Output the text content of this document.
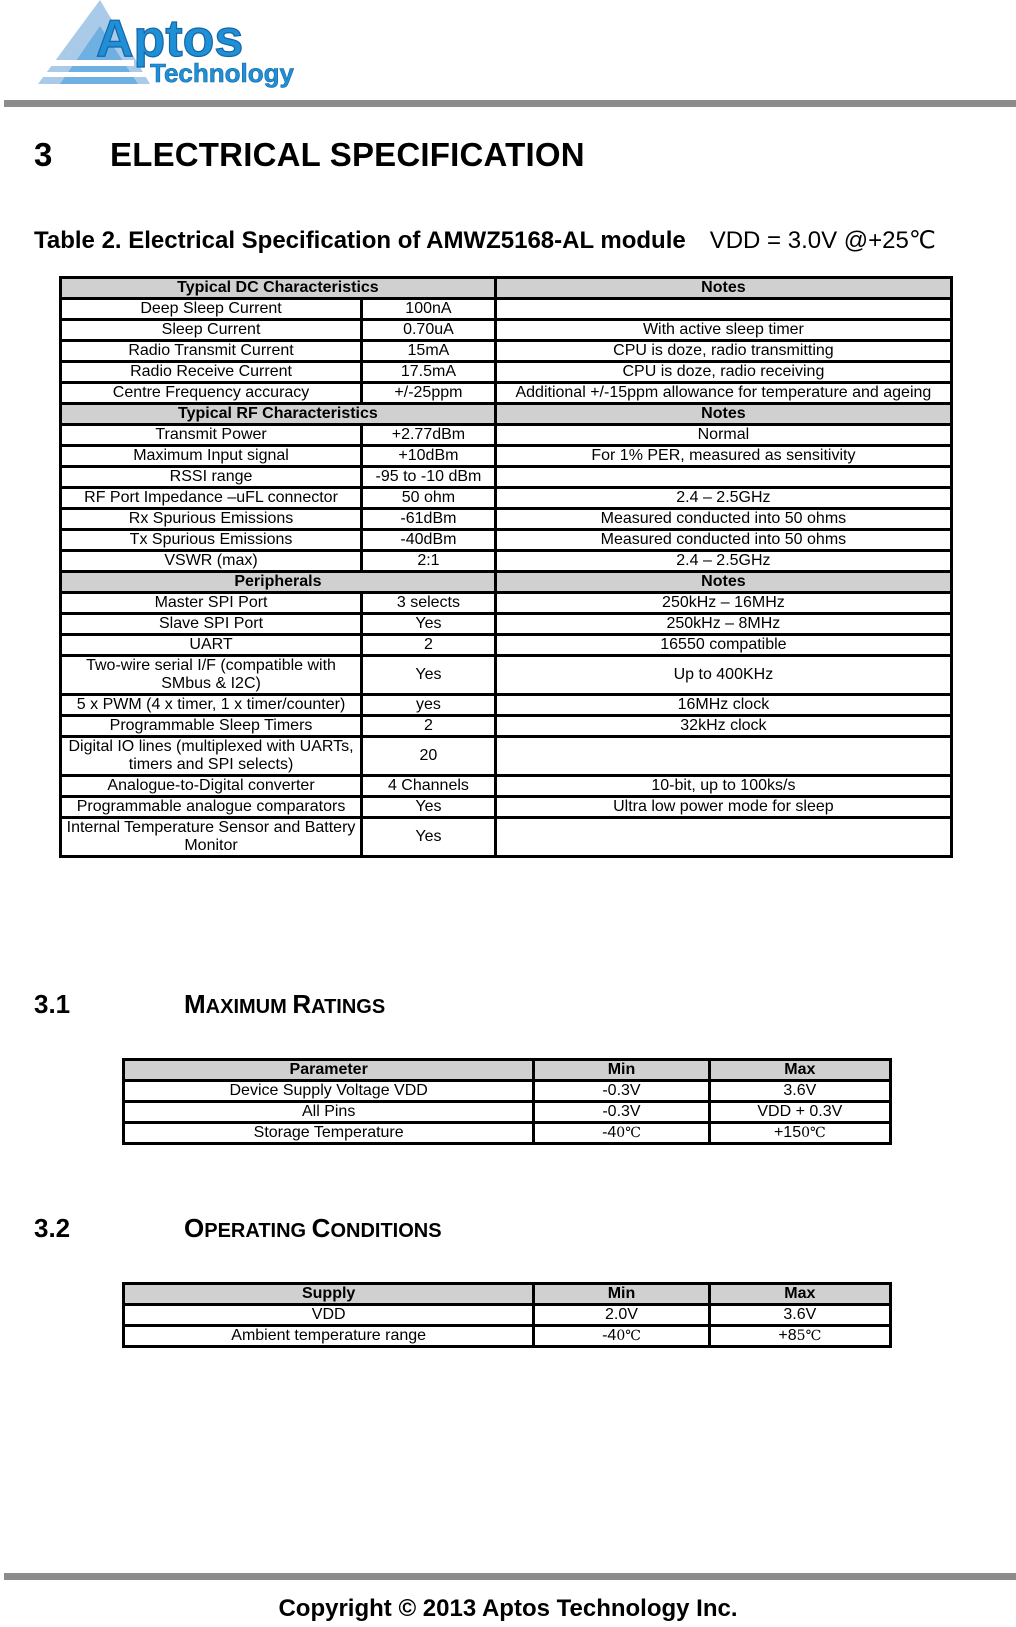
Aptos
Technology
3 ELECTRICAL SPECIFICATION
Table 2. Electrical Specification of AMWZ5168-AL module VDD = 3.0V @+25℃
Typical DC Characteristics		Notes
Deep Sleep Current	100nA	
Sleep Current	0.70uA	With active sleep timer
Radio Transmit Current	15mA	CPU is doze, radio transmitting
Radio Receive Current	17.5mA	CPU is doze, radio receiving
Centre Frequency accuracy	+/-25ppm	Additional +/-15ppm allowance for temperature and ageing
Typical RF Characteristics		Notes
Transmit Power	+2.77dBm	Normal
Maximum Input signal	+10dBm	For 1% PER, measured as sensitivity
RSSI range	-95 to -10 dBm	
RF Port Impedance –uFL connector	50 ohm	2.4 – 2.5GHz
Rx Spurious Emissions	-61dBm	Measured conducted into 50 ohms
Tx Spurious Emissions	-40dBm	Measured conducted into 50 ohms
VSWR (max)	2:1	2.4 – 2.5GHz
Peripherals		Notes
Master SPI Port	3 selects	250kHz – 16MHz
Slave SPI Port	Yes	250kHz – 8MHz
UART	2	16550 compatible
Two-wire serial I/F (compatible with SMbus & I2C)	Yes	Up to 400KHz
5 x PWM (4 x timer, 1 x timer/counter)	yes	16MHz clock
Programmable Sleep Timers	2	32kHz clock
Digital IO lines (multiplexed with UARTs, timers and SPI selects)	20	
Analogue-to-Digital converter	4 Channels	10-bit, up to 100ks/s
Programmable analogue comparators	Yes	Ultra low power mode for sleep
Internal Temperature Sensor and Battery Monitor	Yes	
3.1	MAXIMUM RATINGS
Parameter	Min	Max
Device Supply Voltage VDD	-0.3V	3.6V
All Pins	-0.3V	VDD + 0.3V
Storage Temperature	-40℃	+150℃
3.2	OPERATING CONDITIONS
Supply	Min	Max
VDD	2.0V	3.6V
Ambient temperature range	-40℃	+85℃
Copyright © 2013 Aptos Technology Inc.
